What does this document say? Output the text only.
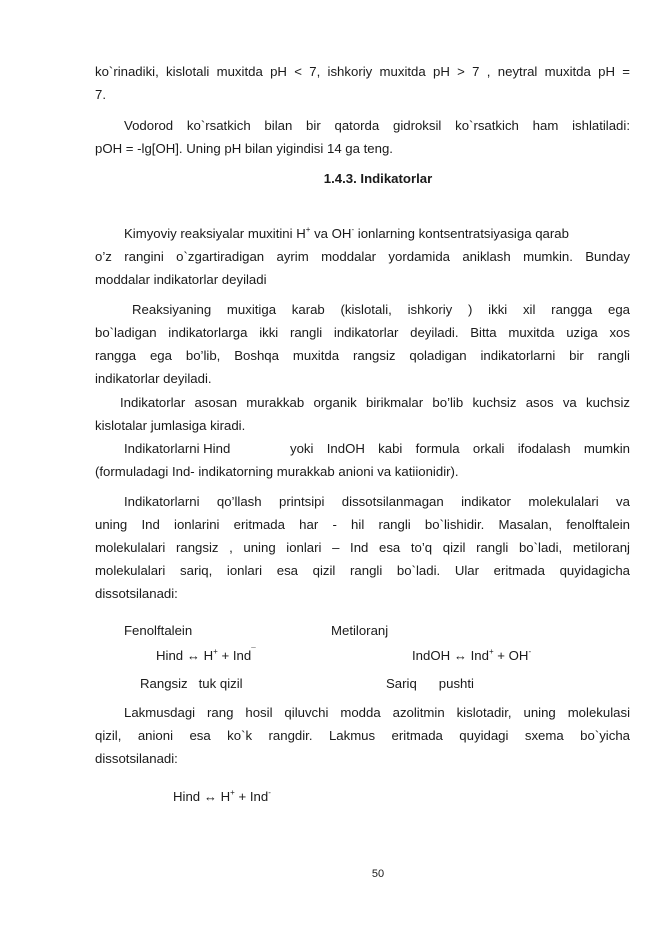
ko`rinadiki, kislotali muxitda pH < 7, ishkoriy muxitda pH > 7 , neytral muxitda pH =
7.
Vodorod ko`rsatkich bilan bir qatorda gidroksil ko`rsatkich ham ishlatiladi:
pOH = -lg[OH]. Uning pH bilan yigindisi 14 ga teng.
1.4.3. Indikatorlar
Kimyoviy reaksiyalar muxitini H+ va OH- ionlarning kontsentratsiyasiga qarab
o’z rangini o`zgartiradigan ayrim moddalar yordamida aniklash mumkin. Bunday
moddalar indikatorlar deyiladi
Reaksiyaning muxitiga karab (kislotali, ishkoriy ) ikki xil rangga ega
bo`ladigan indikatorlarga ikki rangli indikatorlar deyiladi. Bitta muxitda uziga xos
rangga ega bo’lib, Boshqa muxitda rangsiz qoladigan indikatorlarni bir rangli
indikatorlar deyiladi.
Indikatorlar asosan murakkab organik birikmalar bo’lib kuchsiz asos va kuchsiz
kislotalar jumlasiga kiradi.
Indikatorlarni Hind	yoki IndOH kabi formula orkali ifodalash mumkin
(formuladagi Ind- indikatorning murakkab anioni va katiionidir).
Indikatorlarni qo’llash printsipi dissotsilanmagan indikator molekulalari va
uning Ind ionlarini eritmada har - hil rangli bo`lishidir. Masalan, fenolftalein
molekulalari rangsiz , uning ionlari – Ind esa to’q qizil rangli bo`ladi, metiloranj
molekulalari sariq, ionlari esa qizil rangli bo`ladi. Ular eritmada quyidagicha
dissotsilanadi:
Fenolftalein	Metiloranj
Hind ↔ H+ + Ind¯	IndOH ↔ Ind+ + OH-
Rangsiz   tuk qizil	Sariq      pushti
Lakmusdagi rang hosil qiluvchi modda azolitmin kislotadir, uning molekulasi
qizil, anioni esa ko`k rangdir. Lakmus eritmada quyidagi sxema bo`yicha
dissotsilanadi:
Hind ↔ H+ + Ind-
50
